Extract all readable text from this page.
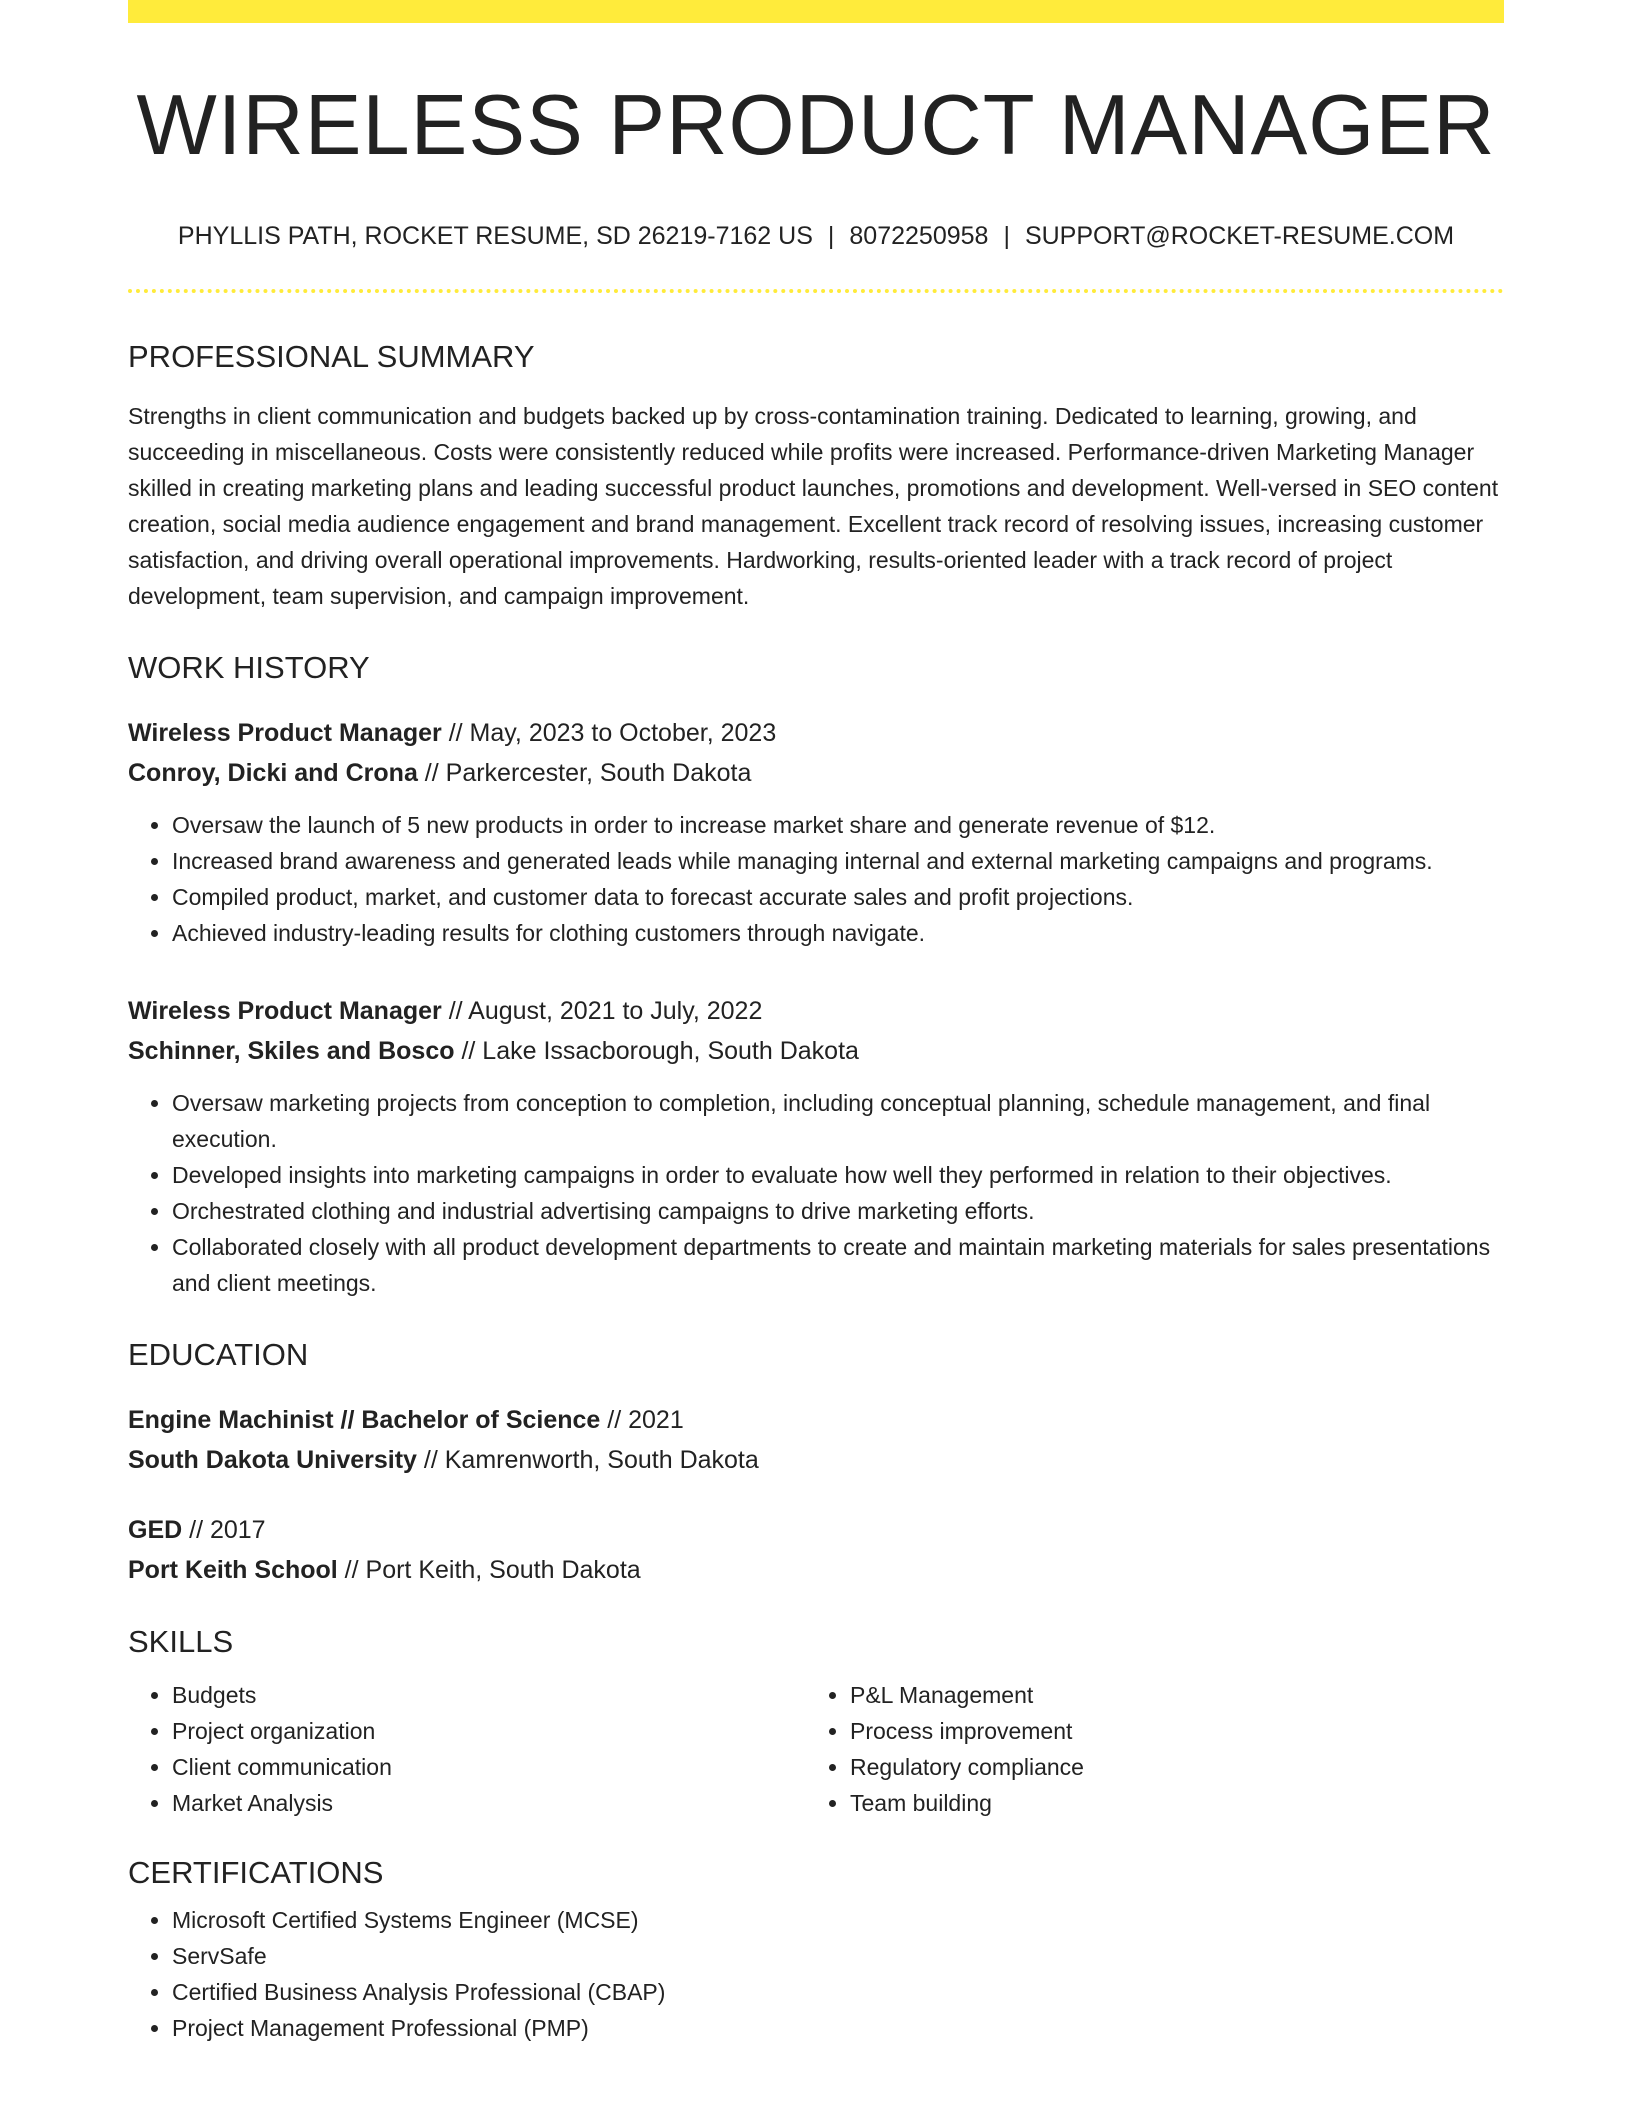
WIRELESS PRODUCT MANAGER
PHYLLIS PATH, ROCKET RESUME, SD 26219-7162 US | 8072250958 | SUPPORT@ROCKET-RESUME.COM
PROFESSIONAL SUMMARY
Strengths in client communication and budgets backed up by cross-contamination training. Dedicated to learning, growing, and succeeding in miscellaneous. Costs were consistently reduced while profits were increased. Performance-driven Marketing Manager skilled in creating marketing plans and leading successful product launches, promotions and development. Well-versed in SEO content creation, social media audience engagement and brand management. Excellent track record of resolving issues, increasing customer satisfaction, and driving overall operational improvements. Hardworking, results-oriented leader with a track record of project development, team supervision, and campaign improvement.
WORK HISTORY
Wireless Product Manager // May, 2023 to October, 2023
Conroy, Dicki and Crona // Parkercester, South Dakota
• Oversaw the launch of 5 new products in order to increase market share and generate revenue of $12.
• Increased brand awareness and generated leads while managing internal and external marketing campaigns and programs.
• Compiled product, market, and customer data to forecast accurate sales and profit projections.
• Achieved industry-leading results for clothing customers through navigate.
Wireless Product Manager // August, 2021 to July, 2022
Schinner, Skiles and Bosco // Lake Issacborough, South Dakota
• Oversaw marketing projects from conception to completion, including conceptual planning, schedule management, and final execution.
• Developed insights into marketing campaigns in order to evaluate how well they performed in relation to their objectives.
• Orchestrated clothing and industrial advertising campaigns to drive marketing efforts.
• Collaborated closely with all product development departments to create and maintain marketing materials for sales presentations and client meetings.
EDUCATION
Engine Machinist // Bachelor of Science // 2021
South Dakota University // Kamrenworth, South Dakota
GED // 2017
Port Keith School // Port Keith, South Dakota
SKILLS
• Budgets
• Project organization
• Client communication
• Market Analysis
• P&L Management
• Process improvement
• Regulatory compliance
• Team building
CERTIFICATIONS
• Microsoft Certified Systems Engineer (MCSE)
• ServSafe
• Certified Business Analysis Professional (CBAP)
• Project Management Professional (PMP)
